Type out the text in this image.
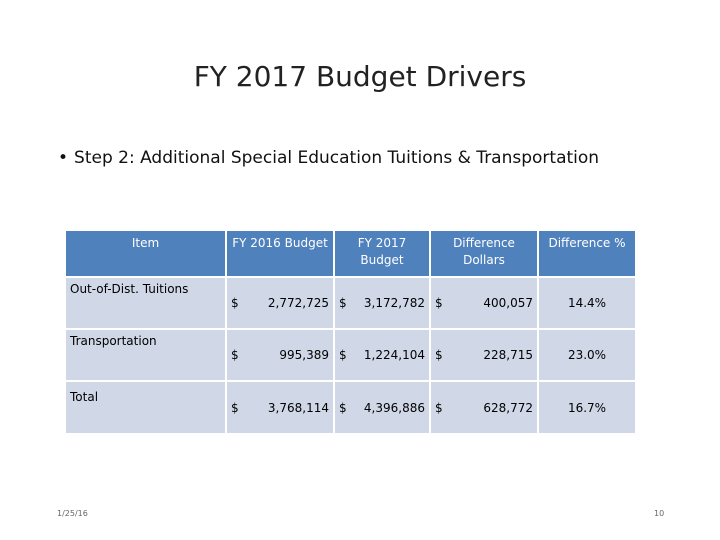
FY 2017 Budget Drivers
• Step 2: Additional Special Education Tuitions & Transportation
Item	FY 2016 Budget	FY 2017 Budget	Difference Dollars	Difference %
Out-of-Dist. Tuitions	$ 2,772,725	$ 3,172,782	$ 400,057	14.4%
Transportation	$ 995,389	$ 1,224,104	$ 228,715	23.0%
Total	$ 3,768,114	$ 4,396,886	$ 628,772	16.7%
1/25/16	10
